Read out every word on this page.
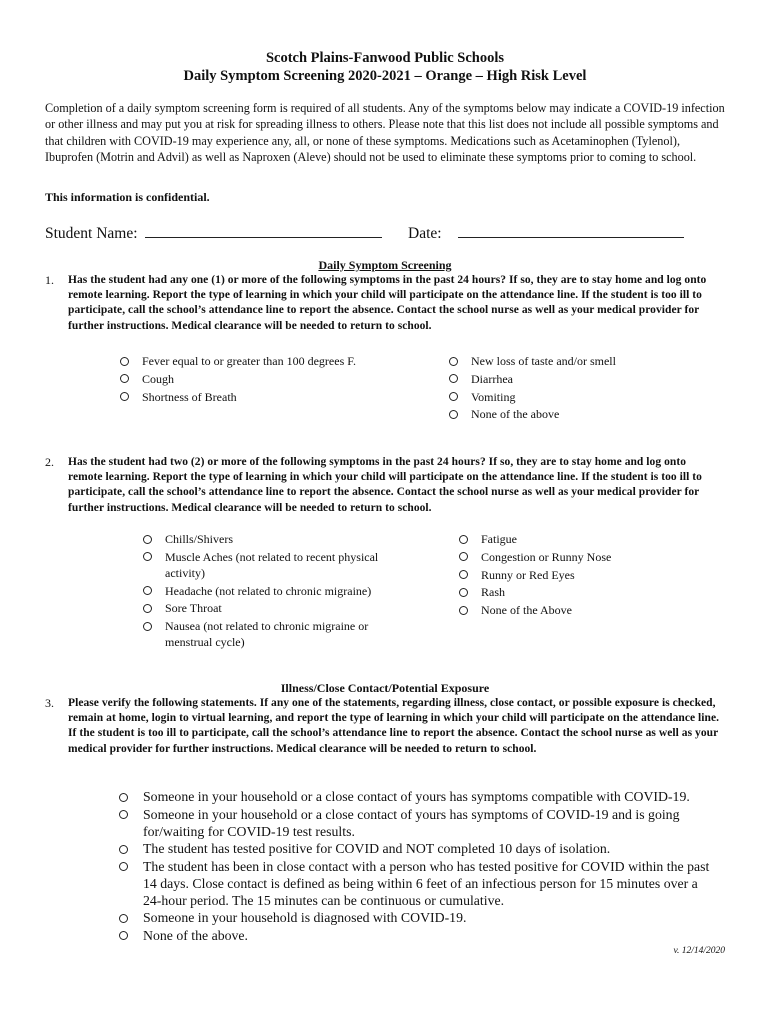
Scotch Plains-Fanwood Public Schools
Daily Symptom Screening 2020-2021 – Orange – High Risk Level
Completion of a daily symptom screening form is required of all students. Any of the symptoms below may indicate a COVID-19 infection or other illness and may put you at risk for spreading illness to others. Please note that this list does not include all possible symptoms and that children with COVID-19 may experience any, all, or none of these symptoms. Medications such as Acetaminophen (Tylenol), Ibuprofen (Motrin and Advil) as well as Naproxen (Aleve) should not be used to eliminate these symptoms prior to coming to school.
This information is confidential.
Student Name:	Date:
Daily Symptom Screening
1. Has the student had any one (1) or more of the following symptoms in the past 24 hours? If so, they are to stay home and log onto remote learning. Report the type of learning in which your child will participate on the attendance line. If the student is too ill to participate, call the school’s attendance line to report the absence. Contact the school nurse as well as your medical provider for further instructions. Medical clearance will be needed to return to school.
Fever equal to or greater than 100 degrees F.
Cough
Shortness of Breath
New loss of taste and/or smell
Diarrhea
Vomiting
None of the above
2. Has the student had two (2) or more of the following symptoms in the past 24 hours? If so, they are to stay home and log onto remote learning. Report the type of learning in which your child will participate on the attendance line. If the student is too ill to participate, call the school’s attendance line to report the absence. Contact the school nurse as well as your medical provider for further instructions. Medical clearance will be needed to return to school.
Chills/Shivers
Muscle Aches (not related to recent physical activity)
Headache (not related to chronic migraine)
Sore Throat
Nausea (not related to chronic migraine or menstrual cycle)
Fatigue
Congestion or Runny Nose
Runny or Red Eyes
Rash
None of the Above
Illness/Close Contact/Potential Exposure
3. Please verify the following statements. If any one of the statements, regarding illness, close contact, or possible exposure is checked, remain at home, login to virtual learning, and report the type of learning in which your child will participate on the attendance line. If the student is too ill to participate, call the school’s attendance line to report the absence. Contact the school nurse as well as your medical provider for further instructions. Medical clearance will be needed to return to school.
Someone in your household or a close contact of yours has symptoms compatible with COVID-19.
Someone in your household or a close contact of yours has symptoms of COVID-19 and is going for/waiting for COVID-19 test results.
The student has tested positive for COVID and NOT completed 10 days of isolation.
The student has been in close contact with a person who has tested positive for COVID within the past 14 days. Close contact is defined as being within 6 feet of an infectious person for 15 minutes over a 24-hour period. The 15 minutes can be continuous or cumulative.
Someone in your household is diagnosed with COVID-19.
None of the above.
v. 12/14/2020
